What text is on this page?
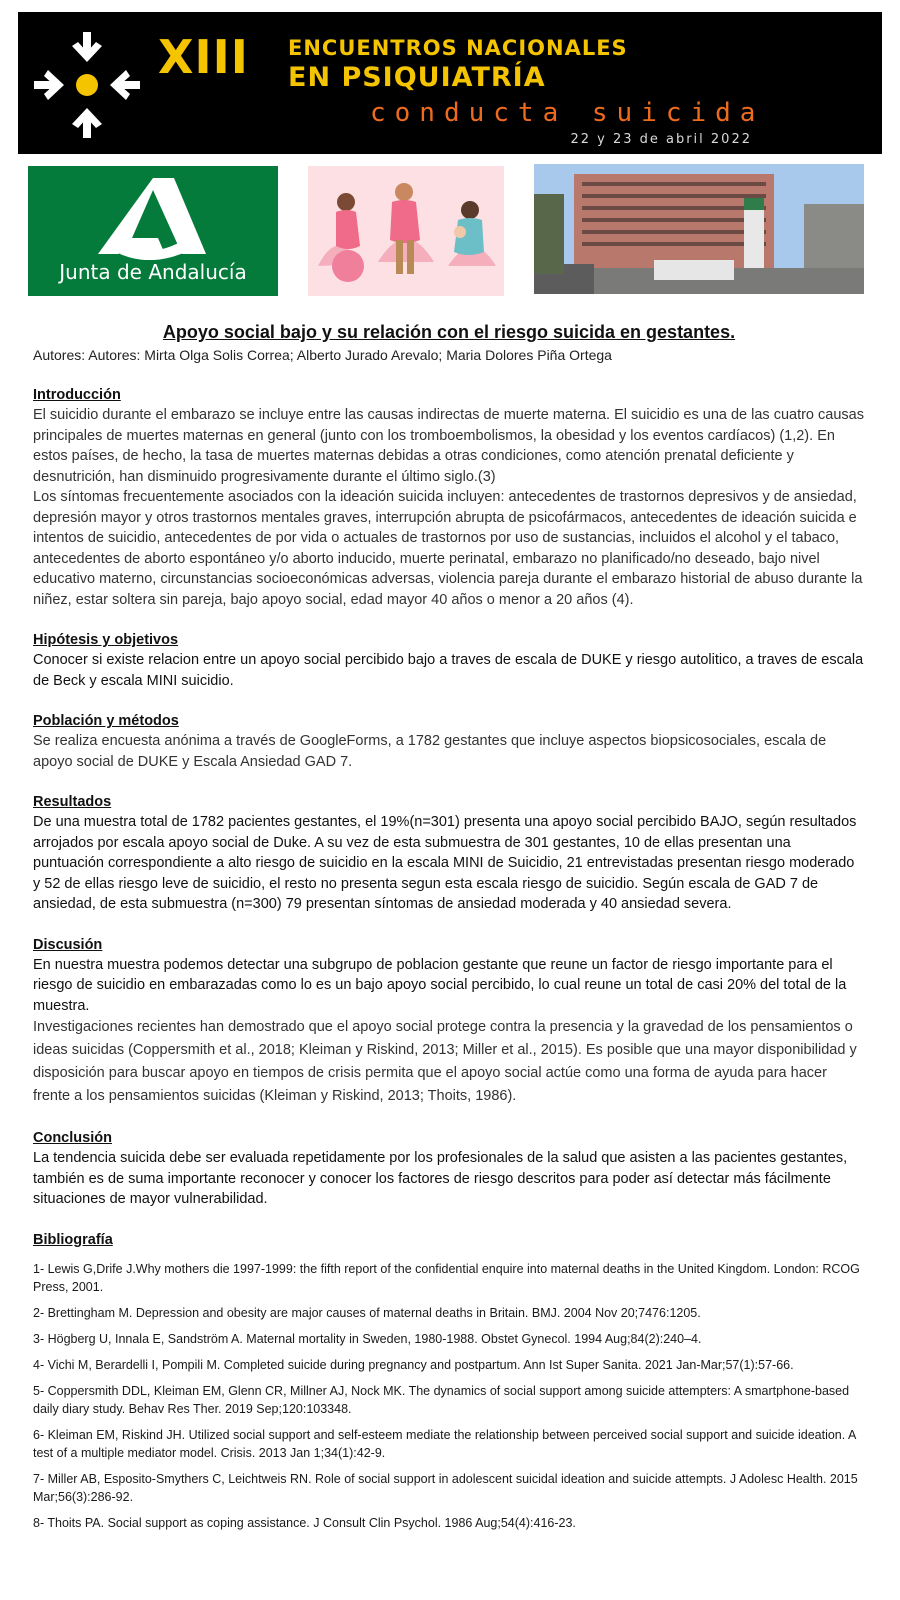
XIII ENCUENTROS NACIONALES
EN PSIQUIATRÍA
conducta suicida
22 y 23 de abril 2022
Junta de Andalucía
Apoyo social bajo y su relación con el riesgo suicida en gestantes.

Autores: Autores: Mirta Olga Solis Correa; Alberto Jurado Arevalo; Maria Dolores Piña Ortega

Introducción

El suicidio durante el embarazo se incluye entre las causas indirectas de muerte materna. El suicidio es una de las cuatro causas principales de muertes maternas en general (junto con los tromboembolismos, la obesidad y los eventos cardíacos) (1,2). En estos países, de hecho, la tasa de muertes maternas debidas a otras condiciones, como atención prenatal deficiente y desnutrición, han disminuido progresivamente durante el último siglo.(3)

Los síntomas frecuentemente asociados con la ideación suicida incluyen: antecedentes de trastornos depresivos y de ansiedad, depresión mayor y otros trastornos mentales graves, interrupción abrupta de psicofármacos, antecedentes de ideación suicida e intentos de suicidio, antecedentes de por vida o actuales de trastornos por uso de sustancias, incluidos el alcohol y el tabaco, antecedentes de aborto espontáneo y/o aborto inducido, muerte perinatal, embarazo no planificado/no deseado, bajo nivel educativo materno, circunstancias socioeconómicas adversas, violencia pareja durante el embarazo historial de abuso durante la niñez, estar soltera sin pareja, bajo apoyo social, edad mayor 40 años o menor a 20 años (4).

Hipótesis y objetivos

Conocer si existe relacion entre un apoyo social percibido bajo a traves de escala de DUKE y riesgo autolitico, a traves de escala de Beck y escala MINI suicidio.

Población y métodos

Se realiza encuesta anónima a través de GoogleForms, a 1782 gestantes que incluye aspectos biopsicosociales, escala de apoyo social de DUKE y Escala Ansiedad GAD 7.

Resultados

De una muestra total de 1782 pacientes gestantes, el 19%(n=301) presenta una apoyo social percibido BAJO, según resultados arrojados por escala apoyo social de Duke. A su vez de esta submuestra de 301 gestantes, 10 de ellas presentan una puntuación correspondiente a alto riesgo de suicidio en la escala MINI de Suicidio, 21 entrevistadas presentan riesgo moderado y 52 de ellas riesgo leve de suicidio, el resto no presenta segun esta escala riesgo de suicidio. Según escala de GAD 7 de ansiedad, de esta submuestra (n=300) 79 presentan síntomas de ansiedad moderada y 40 ansiedad severa.

Discusión

En nuestra muestra podemos detectar una subgrupo de poblacion gestante que reune un factor de riesgo importante para el riesgo de suicidio en embarazadas como lo es un bajo apoyo social percibido, lo cual reune un total de casi 20% del total de la muestra.

Investigaciones recientes han demostrado que el apoyo social protege contra la presencia y la gravedad de los pensamientos o ideas suicidas (Coppersmith et al., 2018; Kleiman y Riskind, 2013; Miller et al., 2015). Es posible que una mayor disponibilidad y disposición para buscar apoyo en tiempos de crisis permita que el apoyo social actúe como una forma de ayuda para hacer frente a los pensamientos suicidas (Kleiman y Riskind, 2013; Thoits, 1986).

Conclusión

La tendencia suicida debe ser evaluada repetidamente por los profesionales de la salud que asisten a las pacientes gestantes, también es de suma importante reconocer y conocer los factores de riesgo descritos para poder así detectar más fácilmente situaciones de mayor vulnerabilidad.

Bibliografía

1- Lewis G,Drife J.Why mothers die 1997-1999: the fifth report of the confidential enquire into maternal deaths in the United Kingdom. London: RCOG Press, 2001.

2- Brettingham M. Depression and obesity are major causes of maternal deaths in Britain. BMJ. 2004 Nov 20;7476:1205.

3- Högberg U, Innala E, Sandström A. Maternal mortality in Sweden, 1980-1988. Obstet Gynecol. 1994 Aug;84(2):240–4.

4- Vichi M, Berardelli I, Pompili M. Completed suicide during pregnancy and postpartum. Ann Ist Super Sanita. 2021 Jan-Mar;57(1):57-66.

5- Coppersmith DDL, Kleiman EM, Glenn CR, Millner AJ, Nock MK. The dynamics of social support among suicide attempters: A smartphone-based daily diary study. Behav Res Ther. 2019 Sep;120:103348.

6- Kleiman EM, Riskind JH. Utilized social support and self-esteem mediate the relationship between perceived social support and suicide ideation. A test of a multiple mediator model. Crisis. 2013 Jan 1;34(1):42-9.

7- Miller AB, Esposito-Smythers C, Leichtweis RN. Role of social support in adolescent suicidal ideation and suicide attempts. J Adolesc Health. 2015 Mar;56(3):286-92.

8- Thoits PA. Social support as coping assistance. J Consult Clin Psychol. 1986 Aug;54(4):416-23.
